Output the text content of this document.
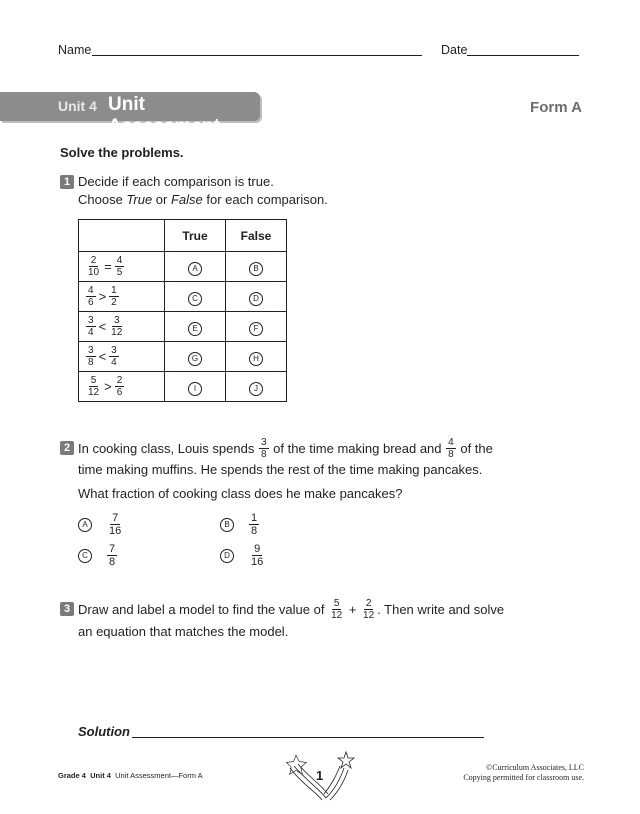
Name	Date
Unit 4 Unit Assessment
Form A
Solve the problems.
1 Decide if each comparison is true.
Choose True or False for each comparison.
	True	False

$\frac{2}{10} = \frac{4}{5}$	A	B

$\frac{4}{6} > \frac{1}{2}$	C	D

$\frac{3}{4} < \frac{3}{12}$	E	F

$\frac{3}{8} < \frac{3}{4}$	G	H

$\frac{5}{12} > \frac{2}{6}$	I	J
2 In cooking class, Louis spends
$\frac{3}{8}$
of the time making bread and
$\frac{4}{8}$
of the
time making muffins. He spends the rest of the time making pancakes.
What fraction of cooking class does he make pancakes?
A	$\frac{7}{16}$	B	$\frac{1}{8}$
C	$\frac{7}{8}$	D	$\frac{9}{16}$
3 Draw and label a model to find the value of
$\frac{5}{12}$
+
$\frac{2}{12}$ . Then write and solve
an equation that matches the model.
Solution
Grade 4 Unit 4 Unit Assessment—Form A	1
©Curriculum Associates, LLC
Copying permitted for classroom use.
